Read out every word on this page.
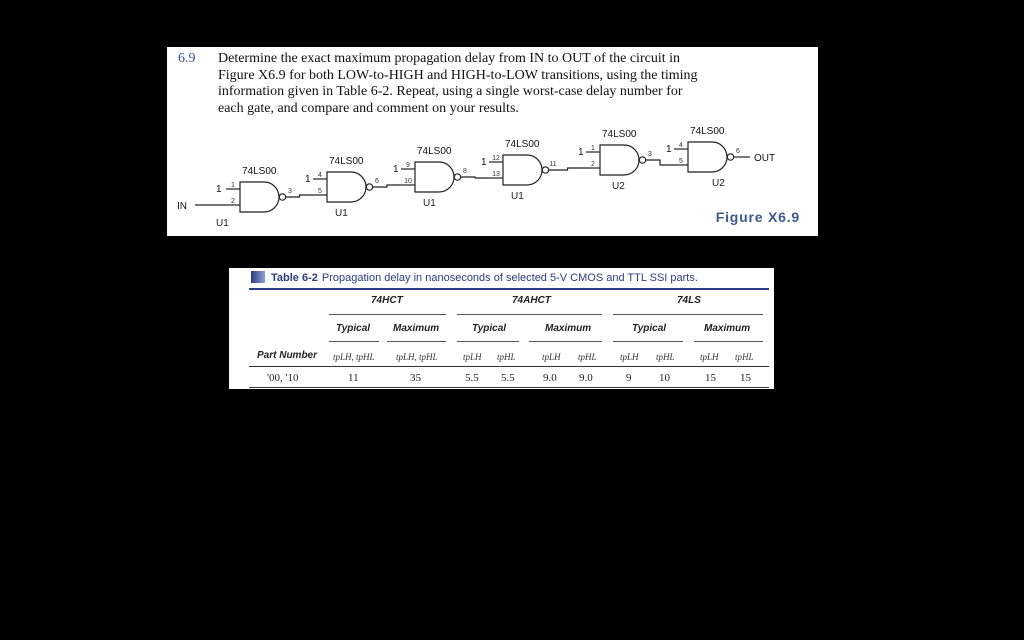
6.9 Determine the exact maximum propagation delay from IN to OUT of the circuit in Figure X6.9 for both LOW-to-HIGH and HIGH-to-LOW transitions, using the timing information given in Table 6-2. Repeat, using a single worst-case delay number for each gate, and compare and comment on your results.
1
2
3
74LS00
U1
4
5
6
74LS00
U1
1
9
10
8
74LS00
U1
1
12
13
11
74LS00
U1
1
1
2
3
74LS00
U2
1
4
5
6
74LS00
U2
1
1
IN
OUT
Figure X6.9
Table 6-2 Propagation delay in nanoseconds of selected 5-V CMOS and TTL SSI parts.
74HCT	74AHCT	74LS
Typical Maximum	Typical	Maximum	Typical	Maximum
Part Number tpLH, tpHL tpLH, tpHL	tpLH tpHL	tpLH tpHL	tpLH tpHL	tpLH tpHL
'00, '10	11	35	5.5 5.5	9.0 9.0	9	10	15 15
